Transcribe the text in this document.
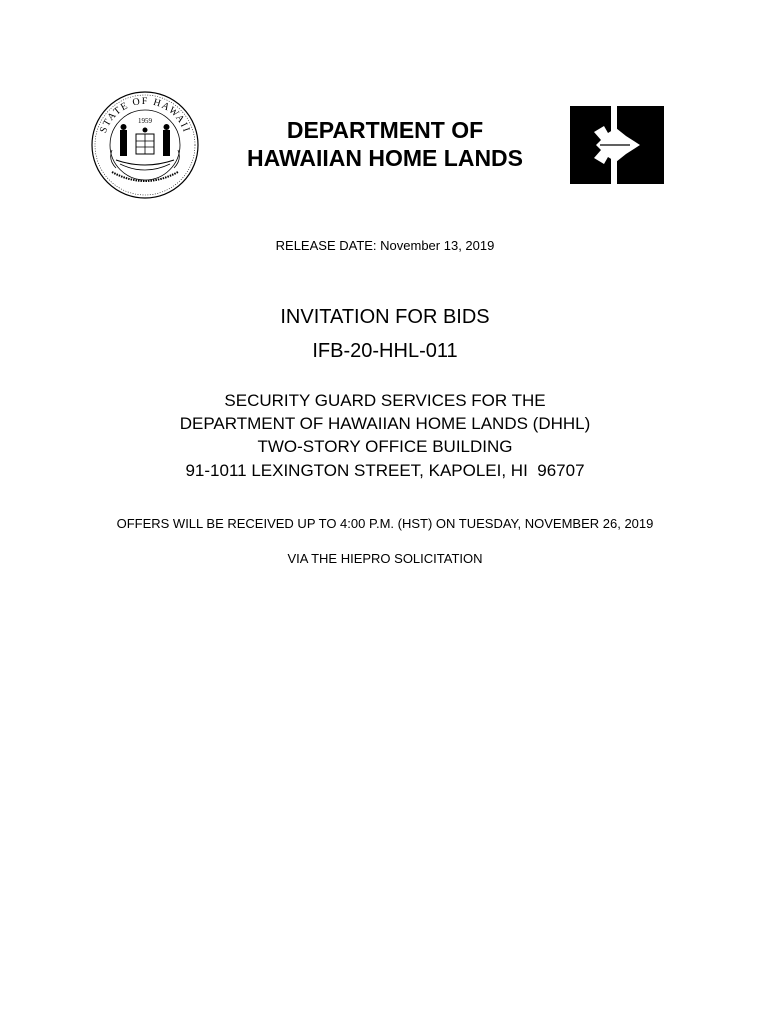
STATE OF HAWAII
1959	DEPARTMENT OF
HAWAIIAN HOME LANDS
RELEASE DATE: November 13, 2019
INVITATION FOR BIDS
IFB-20-HHL-011
SECURITY GUARD SERVICES FOR THE
DEPARTMENT OF HAWAIIAN HOME LANDS (DHHL)
TWO-STORY OFFICE BUILDING
91-1011 LEXINGTON STREET, KAPOLEI, HI  96707
OFFERS WILL BE RECEIVED UP TO 4:00 P.M. (HST) ON TUESDAY, NOVEMBER 26, 2019
VIA THE HIEPRO SOLICITATION
